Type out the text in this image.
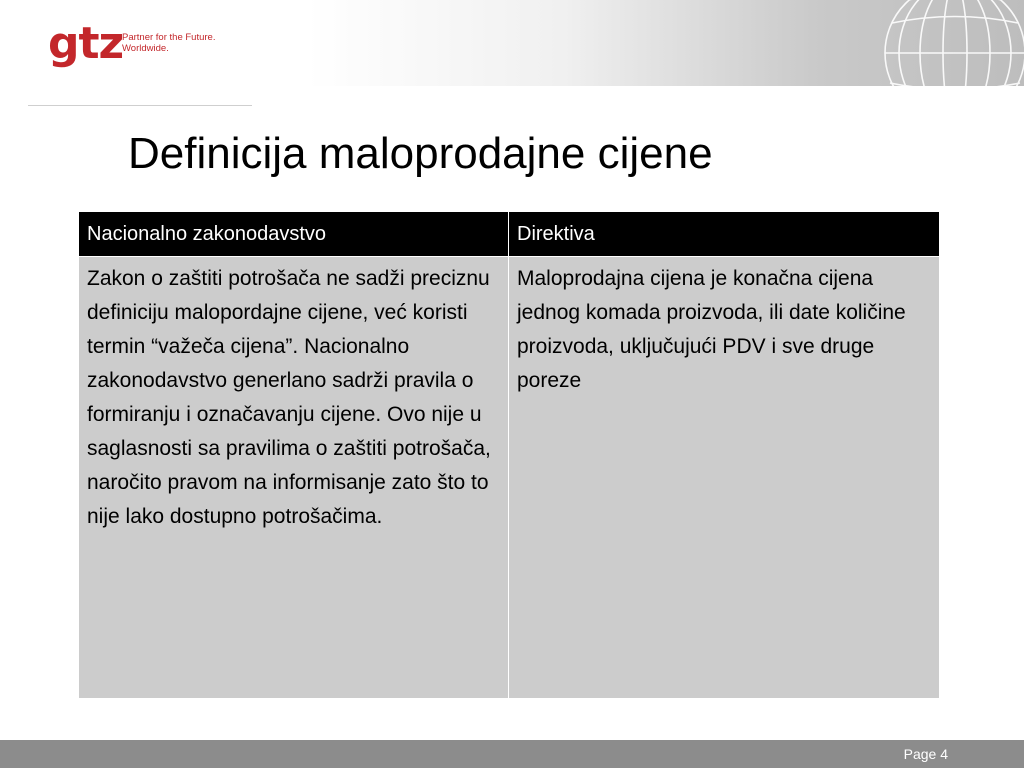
gtz
Partner for the Future.
Worldwide.
Definicija maloprodajne cijene
Nacionalno zakonodavstvo	Direktiva
Zakon o zaštiti potrošača ne sadži preciznu definiciju malopordajne cijene, već koristi termin “važeča cijena”. Nacionalno zakonodavstvo generlano sadrži pravila o formiranju i označavanju cijene. Ovo nije u saglasnosti sa pravilima o zaštiti potrošača, naročito pravom na informisanje zato što to nije lako dostupno potrošačima.	Maloprodajna cijena je konačna cijena jednog komada proizvoda, ili date količine proizvoda, uključujući PDV i sve druge poreze
Page 4
